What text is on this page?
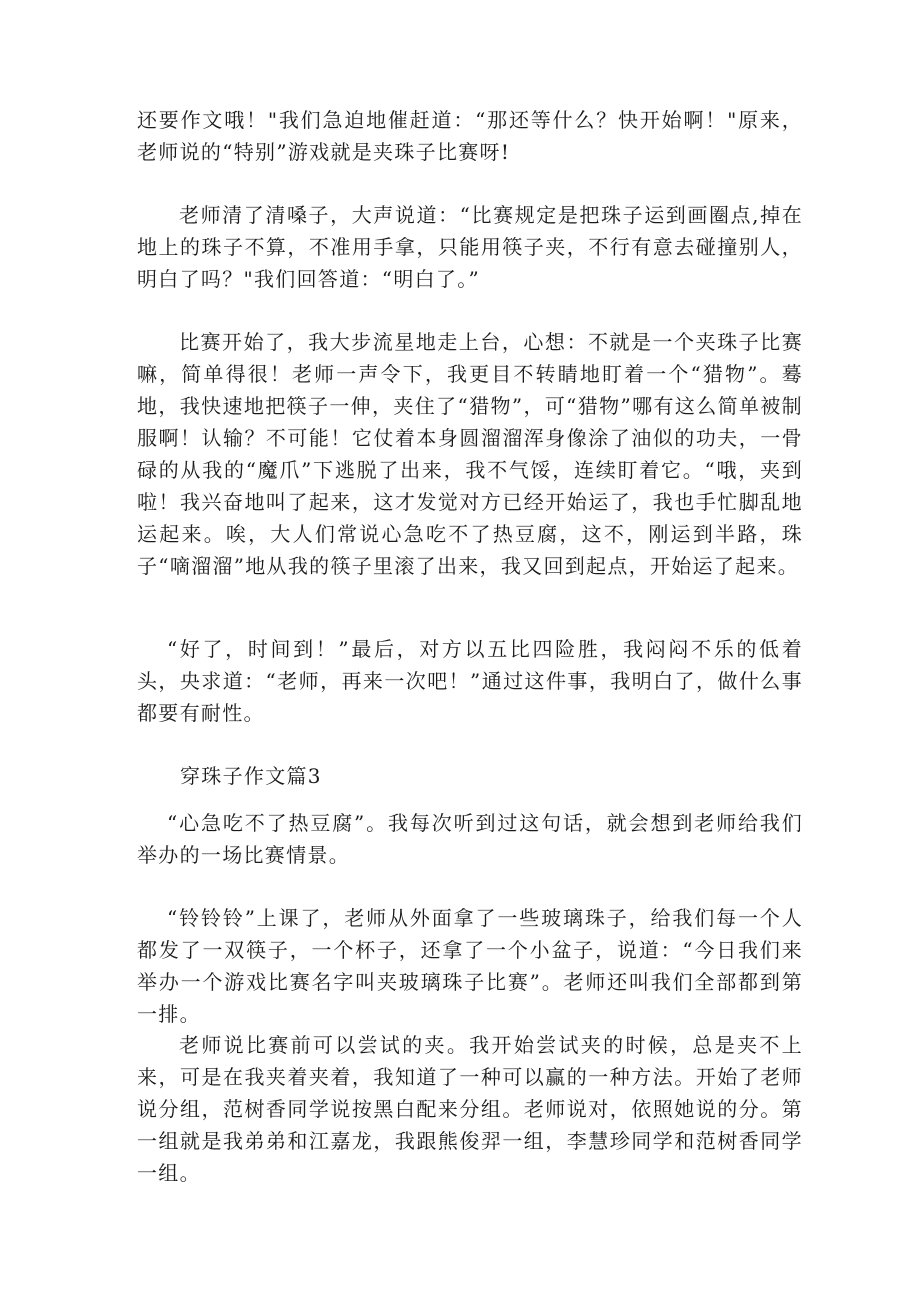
还要作文哦！"我们急迫地催赶道：“那还等什么？快开始啊！"原来，老师说的“特别”游戏就是夹珠子比赛呀!

老师清了清嗓子，大声说道：“比赛规定是把珠子运到画圈点,掉在地上的珠子不算，不准用手拿，只能用筷子夹，不行有意去碰撞别人，明白了吗？"我们回答道：“明白了。”

比赛开始了，我大步流星地走上台，心想：不就是一个夹珠子比赛嘛，简单得很！老师一声令下，我更目不转睛地盯着一个“猎物”。蓦地，我快速地把筷子一伸，夹住了“猎物”，可“猎物”哪有这么简单被制服啊！认输？不可能！它仗着本身圆溜溜浑身像涂了油似的功夫，一骨碌的从我的“魔爪”下逃脱了出来，我不气馁，连续盯着它。“哦，夹到啦！我兴奋地叫了起来，这才发觉对方已经开始运了，我也手忙脚乱地运起来。唉，大人们常说心急吃不了热豆腐，这不，刚运到半路，珠子“嘀溜溜”地从我的筷子里滚了出来，我又回到起点，开始运了起来。

“好了，时间到！”最后，对方以五比四险胜，我闷闷不乐的低着头，央求道：“老师，再来一次吧！”通过这件事，我明白了，做什么事都要有耐性。

穿珠子作文篇3

“心急吃不了热豆腐”。我每次听到过这句话，就会想到老师给我们举办的一场比赛情景。

“铃铃铃”上课了，老师从外面拿了一些玻璃珠子，给我们每一个人都发了一双筷子，一个杯子，还拿了一个小盆子，说道：“今日我们来举办一个游戏比赛名字叫夹玻璃珠子比赛”。老师还叫我们全部都到第一排。

老师说比赛前可以尝试的夹。我开始尝试夹的时候，总是夹不上来，可是在我夹着夹着，我知道了一种可以赢的一种方法。开始了老师说分组，范树香同学说按黑白配来分组。老师说对，依照她说的分。第一组就是我弟弟和江嘉龙，我跟熊俊羿一组，李慧珍同学和范树香同学一组。
